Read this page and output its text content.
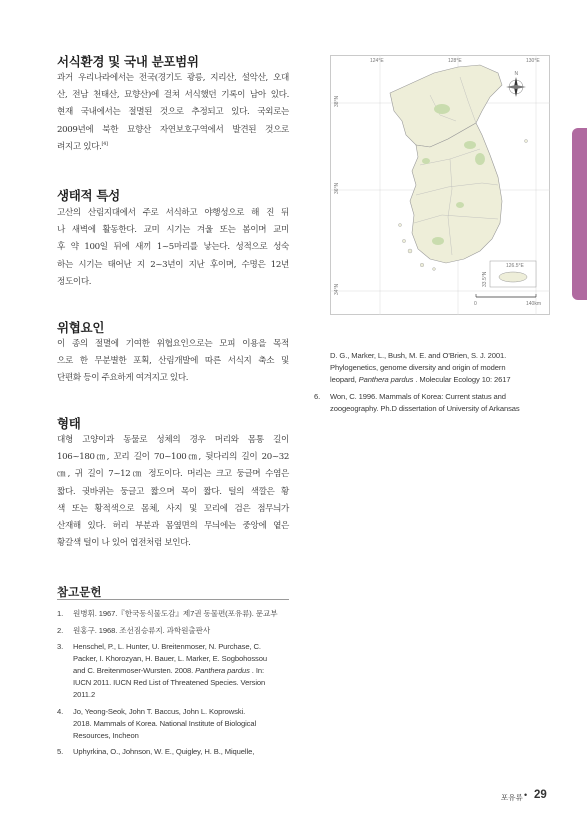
서식환경 및 국내 분포범위
과거 우리나라에서는 전국(경기도 광릉, 지리산, 설악산, 오대
산, 전남 천태산, 묘향산)에 걸쳐 서식했던 기록이 남아 있다.
현재 국내에서는 절멸된 것으로 추정되고 있다. 국외로는
2009년에 북한 묘향산 자연보호구역에서 발견된 것으로
려지고 있다.[4]
생태적 특성
고산의 산림지대에서 주로 서식하고 야행성으로 해 진 뒤
나 새벽에 활동한다. 교미 시기는 겨울 또는 봄이며 교미
후 약 100일 뒤에 새끼 1~5마리를 낳는다. 성적으로 성숙
하는 시기는 태어난 지 2~3년이 지난 후이며, 수명은 12년
정도이다.
위협요인
이 종의 절멸에 기여한 위협요인으로는 모피 이용을 목적
으로 한 무분별한 포획, 산림개발에 따른 서식지 축소 및
단편화 등이 주요하게 여겨지고 있다.
형태
대형 고양이과 동물로 성체의 경우 머리와 몸통 길이
106~180㎝, 꼬리 길이 70~100㎝, 뒷다리의 길이 20~32
㎝, 귀 길이 7~12㎝ 정도이다. 머리는 크고 둥글며 수염은
짧다. 귓바퀴는 둥글고 짧으며 목이 짧다. 털의 색깔은 황
색 또는 황적색으로 몸체, 사지 및 꼬리에 검은 점무늬가
산재해 있다. 허리 부분과 몸옆면의 무늬에는 중앙에 옅은
황갈색 털이 나 있어 엽전처럼 보인다.
참고문헌
1. 원병휘. 1967.『한국동식물도감』제7권 동물편(포유류). 문교부
2. 원홍구. 1968. 조선짐승류지. 과학원출판사
3. Henschel, P., L. Hunter, U. Breitenmoser, N. Purchase, C.
Packer, I. Khorozyan, H. Bauer, L. Marker, E. Sogbohossou
and C. Breitenmoser-Wursten. 2008. Panthera pardus . In:
IUCN 2011. IUCN Red List of Threatened Species. Version
2011.2
4. Jo, Yeong-Seok, John T. Baccus, John L. Koprowski.
2018. Mammals of Korea. National Institute of Biological
Resources, Incheon
5. Uphyrkina, O., Johnson, W. E., Quigley, H. B., Miquelle,
D. G., Marker, L., Bush, M. E. and O'Brien, S. J. 2001.
Phylogenetics, genome diversity and origin of modern
leopard, Panthera pardus . Molecular Ecology 10: 2617
6. Won, C. 1996. Mammals of Korea: Current status and
zoogeography. Ph.D dissertation of University of Arkansas
124°E	128°E	130°E
38°N
36°N
34°N
N
126.5°E
33.5°N
0	140km
포유류 • 29
